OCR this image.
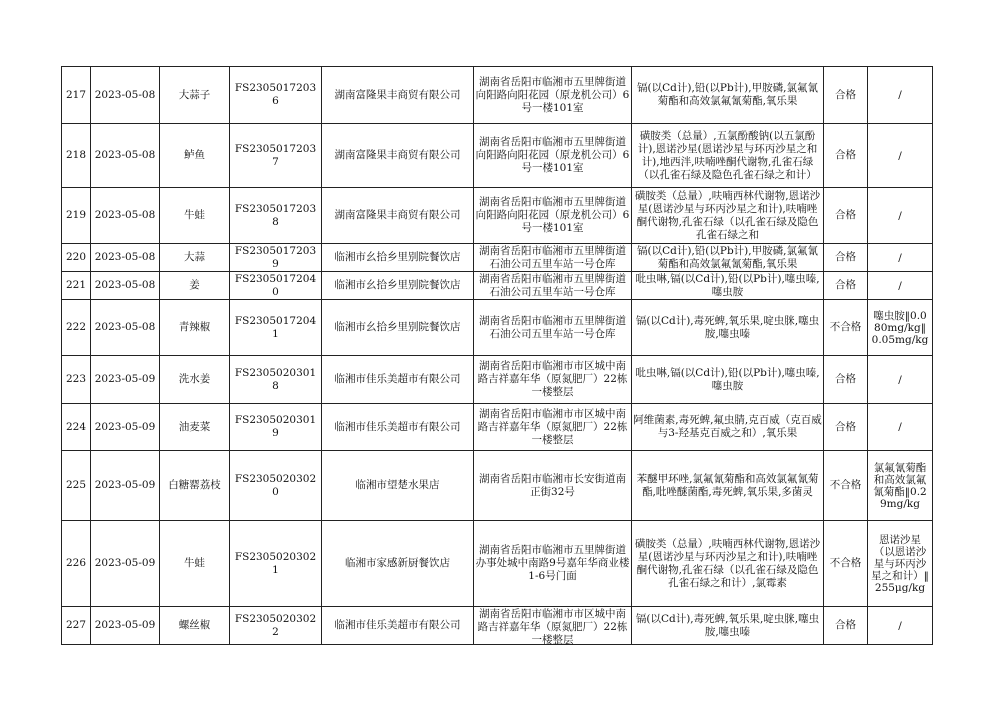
217	2023-05-08	大蒜子	FS23050172036	湖南富隆果丰商贸有限公司	湖南省岳阳市临湘市五里牌街道向阳路向阳花园（原龙机公司）6号一楼101室	镉(以Cd计),铅(以Pb计),甲胺磷,氯氟氰菊酯和高效氯氟氰菊酯,氧乐果	合格	/

218	2023-05-08	鲈鱼	FS23050172037	湖南富隆果丰商贸有限公司	湖南省岳阳市临湘市五里牌街道向阳路向阳花园（原龙机公司）6号一楼101室	磺胺类（总量）,五氯酚酸钠(以五氯酚计),恩诺沙星(恩诺沙星与环丙沙星之和计),地西泮,呋喃唑酮代谢物,孔雀石绿（以孔雀石绿及隐色孔雀石绿之和计）	合格	/

219	2023-05-08	牛蛙	FS23050172038	湖南富隆果丰商贸有限公司	湖南省岳阳市临湘市五里牌街道向阳路向阳花园（原龙机公司）6号一楼101室	磺胺类（总量）,呋喃西林代谢物,恩诺沙星(恩诺沙星与环丙沙星之和计),呋喃唑酮代谢物,孔雀石绿（以孔雀石绿及隐色孔雀石绿之和	合格	/

220	2023-05-08	大蒜	FS23050172039	临湘市幺拾乡里别院餐饮店	湖南省岳阳市临湘市五里牌街道石油公司五里车站一号仓库	镉(以Cd计),铅(以Pb计),甲胺磷,氯氟氰菊酯和高效氯氟氰菊酯,氧乐果	合格	/

221	2023-05-08	姜	FS23050172040	临湘市幺拾乡里别院餐饮店	湖南省岳阳市临湘市五里牌街道石油公司五里车站一号仓库	吡虫啉,镉(以Cd计),铅(以Pb计),噻虫嗪,噻虫胺	合格	/

222	2023-05-08	青辣椒	FS23050172041	临湘市幺拾乡里别院餐饮店	湖南省岳阳市临湘市五里牌街道石油公司五里车站一号仓库	镉(以Cd计),毒死蜱,氧乐果,啶虫脒,噻虫胺,噻虫嗪	不合格	噻虫胺‖0.080mg/kg‖0.05mg/kg

223	2023-05-09	洗水姜	FS23050203018	临湘市佳乐美超市有限公司	湖南省岳阳市临湘市市区城中南路吉祥嘉年华（原氮肥厂）22栋一楼整层	吡虫啉,镉(以Cd计),铅(以Pb计),噻虫嗪,噻虫胺	合格	/

224	2023-05-09	油麦菜	FS23050203019	临湘市佳乐美超市有限公司	湖南省岳阳市临湘市市区城中南路吉祥嘉年华（原氮肥厂）22栋一楼整层	阿维菌素,毒死蜱,氟虫腈,克百威（克百威与3-羟基克百威之和）,氧乐果	合格	/

225	2023-05-09	白糖罂荔枝	FS23050203020	临湘市望楚水果店	湖南省岳阳市临湘市长安街道南正街32号	苯醚甲环唑,氯氟氰菊酯和高效氯氟氰菊酯,吡唑醚菌酯,毒死蜱,氧乐果,多菌灵	不合格	氯氟氰菊酯和高效氯氟氰菊酯‖0.29mg/kg

226	2023-05-09	牛蛙	FS23050203021	临湘市家感新厨餐饮店	湖南省岳阳市临湘市五里牌街道办事处城中南路9号嘉年华商业楼1-6号门面	磺胺类（总量）,呋喃西林代谢物,恩诺沙星(恩诺沙星与环丙沙星之和计),呋喃唑酮代谢物,孔雀石绿（以孔雀石绿及隐色孔雀石绿之和计）,氯霉素	不合格	恩诺沙星（以恩诺沙星与环丙沙星之和计）‖255μg/kg

227	2023-05-09	螺丝椒	FS23050203022	临湘市佳乐美超市有限公司	湖南省岳阳市临湘市市区城中南路吉祥嘉年华（原氮肥厂）22栋一楼整层	镉(以Cd计),毒死蜱,氧乐果,啶虫脒,噻虫胺,噻虫嗪	合格	/
